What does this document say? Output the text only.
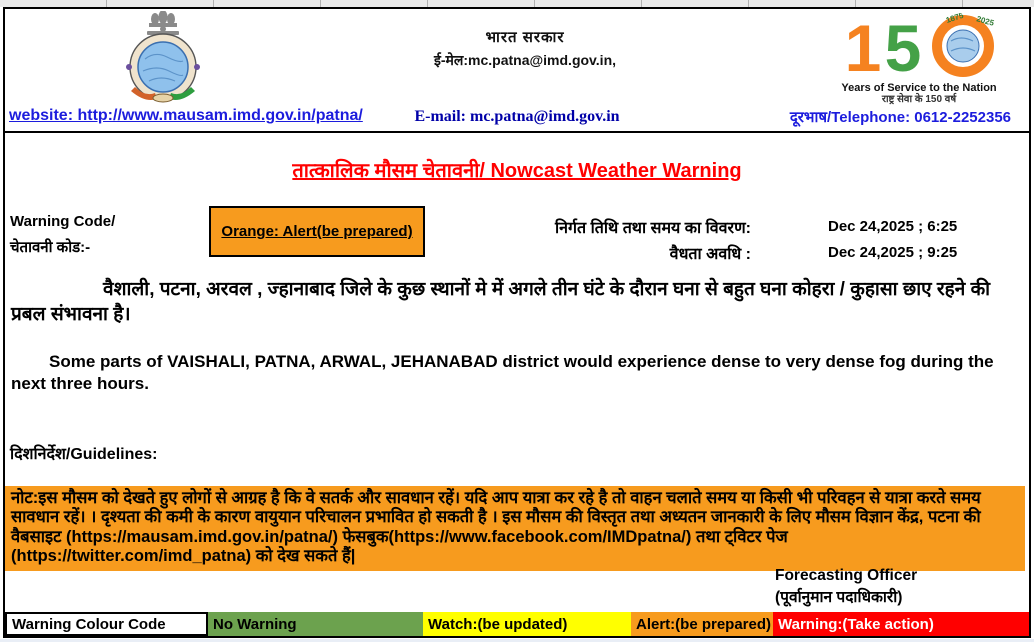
भारत सरकार
ई-मेल:mc.patna@imd.gov.in,	1 5	1875 2025
Years of Service to the Nation
राष्ट्र सेवा के 150 वर्ष
website: http://www.mausam.imd.gov.in/patna/	E-mail: mc.patna@imd.gov.in	दूरभाष/Telephone: 0612-2252356
तात्कालिक मौसम चेतावनी/ Nowcast Weather Warning
Warning Code/
चेतावनी कोड:-
Orange: Alert(be prepared)	निर्गत तिथि तथा समय का विवरण:	Dec 24,2025 ; 6:25
वैधता अवधि :	Dec 24,2025 ; 9:25
वैशाली, पटना, अरवल , ज्हानाबाद जिले के कुछ स्थानों मे में अगले तीन घंटे के दौरान घना से बहुत घना कोहरा / कुहासा छाए रहने की प्रबल संभावना है।
Some parts of VAISHALI, PATNA, ARWAL, JEHANABAD district would experience dense to very dense fog during the next three hours.
दिशनिर्देश/Guidelines:
नोट:इस मौसम को देखते हुए लोगों से आग्रह है कि वे सतर्क और सावधान रहें। यदि आप यात्रा कर रहे है तो वाहन चलाते समय या किसी भी परिवहन से यात्रा करते समय सावधान रहें। । दृश्यता की कमी के कारण वायुयान परिचालन प्रभावित हो सकती है । इस मौसम की विस्तृत तथा अध्यतन जानकारी के लिए मौसम विज्ञान केंद्र, पटना की वैबसाइट (https://mausam.imd.gov.in/patna/) फेसबुक(https://www.facebook.com/IMDpatna/) तथा ट्विटर पेज (https://twitter.com/imd_patna) को देख सकते हैं|
Forecasting Officer
(पूर्वानुमान पदाधिकारी)
Warning Colour Code	No Warning	Watch:(be updated)	Alert:(be prepared) Warning:(Take action)
